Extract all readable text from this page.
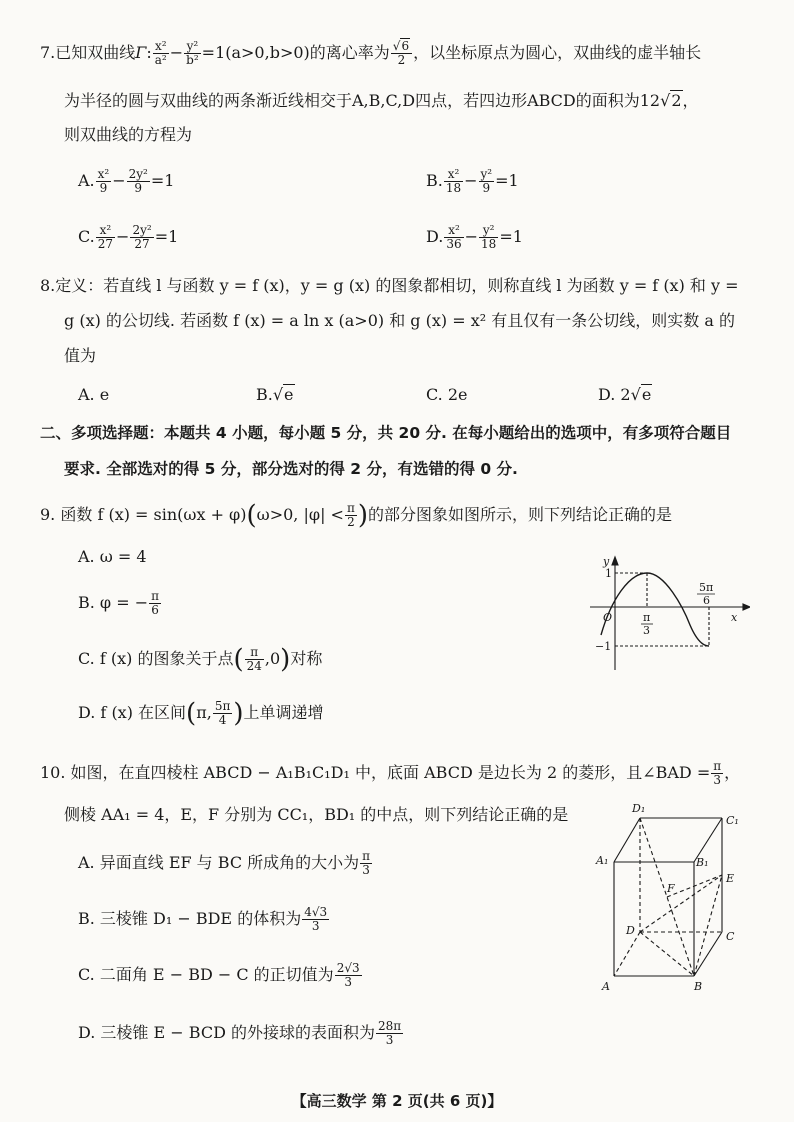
7.已知双曲线Γ: $\frac{\text{x²}}{\text{a²}} - \frac{\text{y²}}{\text{b²}} =1(a>0,b>0)$的离心率为 $\frac{√6}{2}$ ，以坐标原点为圆心，双曲线的虚半轴长
为半径的圆与双曲线的两条渐近线相交于A,B,C,D四点，若四边形ABCD的面积为12√2，
则双曲线的方程为
A. $\frac{\text{x²}}{9} - \frac{\text{2y²}}{9} =1$	B. $\frac{\text{x²}}{18} - \frac{\text{y²}}{9} =1$
C. $\frac{\text{x²}}{27} - \frac{\text{2y²}}{27} =1$	D. $\frac{\text{x²}}{36} - \frac{\text{y²}}{18} =1$
8.定义：若直线 l 与函数 y = f (x)，y = g (x) 的图象都相切，则称直线 l 为函数 y = f (x) 和 y =
g (x) 的公切线. 若函数 f (x) = a ln x (a>0) 和 g (x) = x² 有且仅有一条公切线，则实数 a 的
值为
A. e	B.√e	C. 2e	D. 2√e
二、多项选择题：本题共 4 小题，每小题 5 分，共 20 分. 在每小题给出的选项中，有多项符合题目
要求. 全部选对的得 5 分，部分选对的得 2 分，有选错的得 0 分.
9. 函数 f (x) = sin(ωx + φ)(ω>0, $|\varphi| < \frac{\pi}{2}$ )的部分图象如图所示，则下列结论正确的是
A. ω = 4
B. φ = − $\frac{\pi}{6}$
C. f (x) 的图象关于点( $\frac{\pi}{24} ,0$)对称
D. f (x) 在区间(π, $\frac{5\pi}{4}$ )上单调递增
y
1
O
−1
π
3
5π
6
x
10. 如图，在直四棱柱 ABCD − A₁B₁C₁D₁ 中，底面 ABCD 是边长为 2 的菱形，且∠BAD = $\frac{\pi}{3}$ ，
侧棱 AA₁ = 4，E，F 分别为 CC₁，BD₁ 的中点，则下列结论正确的是
A. 异面直线 EF 与 BC 所成角的大小为 $\frac{\pi}{3}$
B. 三棱锥 D₁ − BDE 的体积为 $\frac{4√3}{3}$
C. 二面角 E − BD − C 的正切值为 $\frac{2√3}{3}$
D. 三棱锥 E − BCD 的外接球的表面积为 $\frac{28\pi}{3}$
D₁
C₁
A₁	B₁
F
E
D	C
A	B
【高三数学 第 2 页(共 6 页)】
